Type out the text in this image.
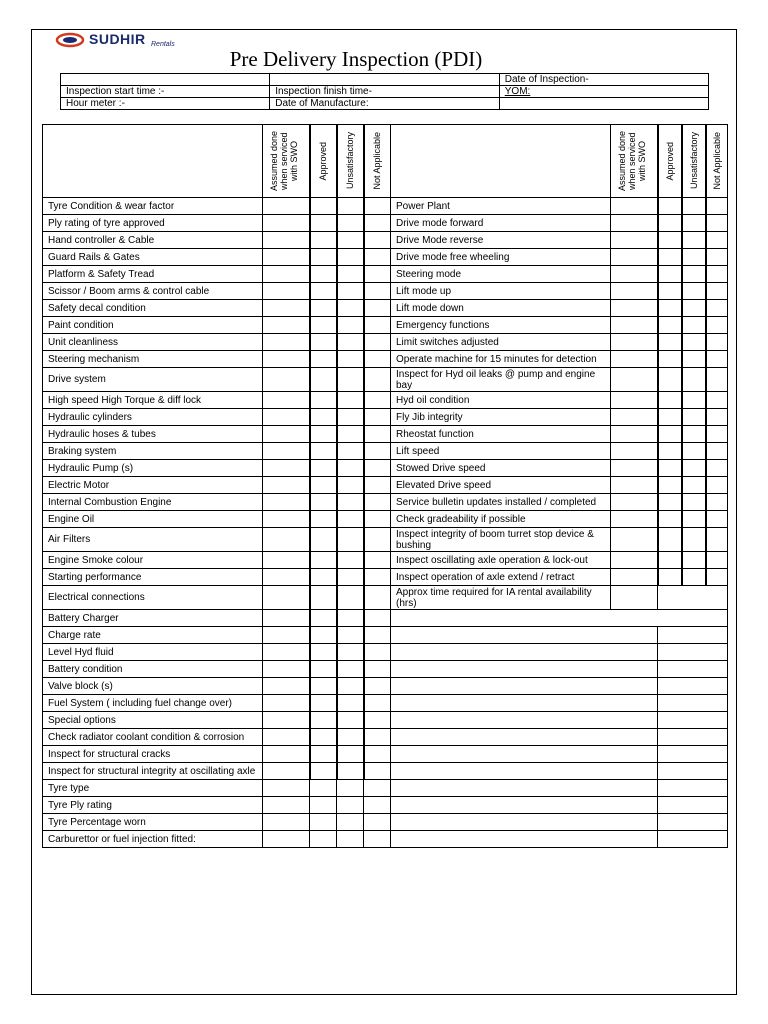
SUDHIR Rentals
Pre Delivery Inspection (PDI)
		Date of Inspection-
Inspection start time :-	Inspection finish time-	YOM:
Hour meter :-	Date of Manufacture:	

	Assumed done when serviced with SWO	Approved	Unsatisfactory	Not Applicable		Assumed done when serviced with SWO	Approved	Unsatisfactory	Not Applicable

Tyre Condition & wear factor					Power Plant				
Ply rating of tyre approved					Drive mode forward				
Hand controller & Cable					Drive Mode reverse				
Guard Rails & Gates					Drive mode free wheeling				
Platform & Safety Tread					Steering mode				
Scissor / Boom arms & control cable					Lift mode up				
Safety decal condition					Lift mode down				
Paint condition					Emergency functions				
Unit cleanliness					Limit switches adjusted				
Steering mechanism					Operate machine for 15 minutes for detection				
Drive system					Inspect for Hyd oil leaks @ pump and engine bay				
High speed High Torque & diff lock					Hyd oil condition				
Hydraulic cylinders					Fly Jib integrity				
Hydraulic hoses & tubes					Rheostat function				
Braking system					Lift speed				
Hydraulic Pump (s)					Stowed Drive speed				
Electric Motor					Elevated Drive speed				
Internal Combustion Engine					Service bulletin updates installed / completed				
Engine Oil					Check gradeability if possible				
Air Filters					Inspect integrity of boom turret stop device & bushing				
Engine Smoke colour					Inspect oscillating axle operation & lock-out				
Starting performance					Inspect operation of axle extend / retract				
Electrical connections					Approx time required for IA rental availability (hrs)				
Battery Charger									
Charge rate									
Level Hyd fluid									
Battery condition									
Valve block (s)									
Fuel System ( including fuel change over)									
Special options									
Check radiator coolant condition & corrosion									
Inspect for structural cracks									
Inspect for structural integrity at oscillating axle									
Tyre type									
Tyre Ply rating									
Tyre Percentage worn									
Carburettor or fuel injection fitted:									
